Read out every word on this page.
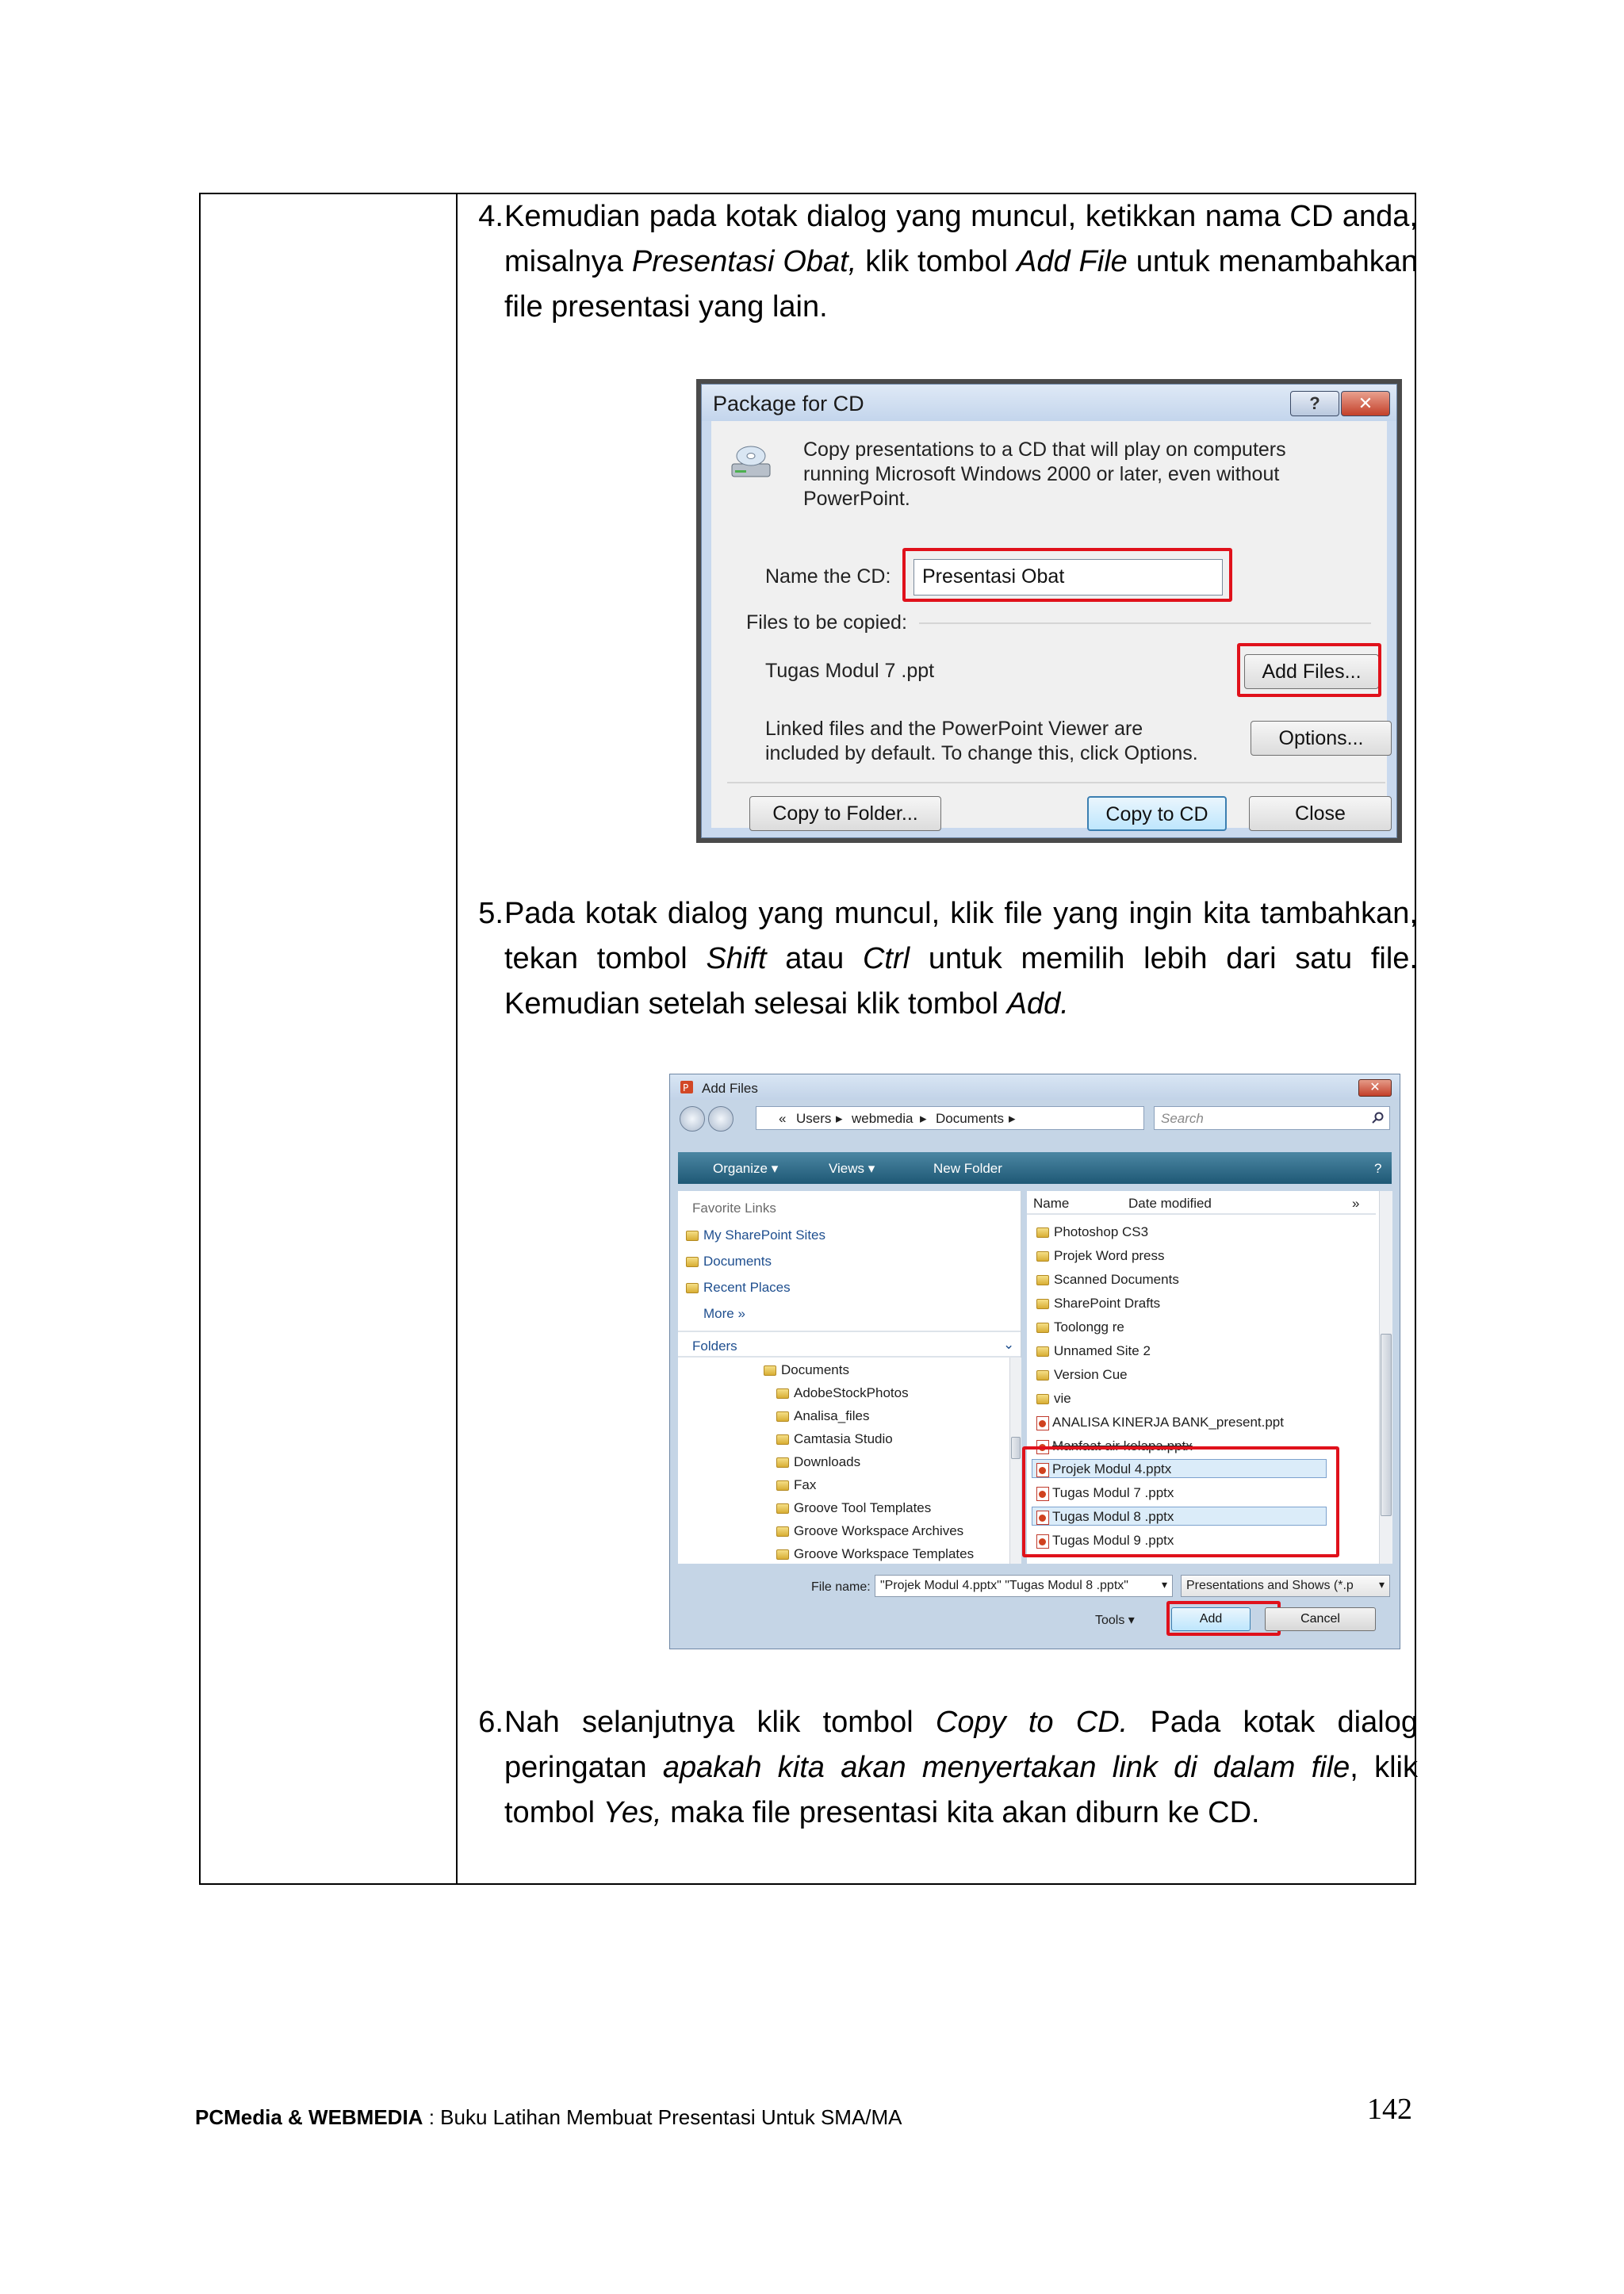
4. Kemudian pada kotak dialog yang muncul, ketikkan nama CD anda, misalnya Presentasi Obat, klik tombol Add File untuk menambahkan file presentasi yang lain.
5. Pada kotak dialog yang muncul, klik file yang ingin kita tambahkan, tekan tombol Shift atau Ctrl untuk memilih lebih dari satu file. Kemudian setelah selesai klik tombol Add.
6. Nah selanjutnya klik tombol Copy to CD. Pada kotak dialog peringatan apakah kita akan menyertakan link di dalam file, klik tombol Yes, maka file presentasi kita akan diburn ke CD.
Package for CD	?	✕
Copy presentations to a CD that will play on computers
running Microsoft Windows 2000 or later, even without
PowerPoint.
Name the CD:	Presentasi Obat
Files to be copied:
Tugas Modul 7 .ppt	Add Files...
Linked files and the PowerPoint Viewer are
included by default. To change this, click Options.
Options...
Copy to Folder...	Copy to CD	Close
P Add Files	✕
« Users ▸ webmedia ▸ Documents ▸	Search
Organize ▾	Views ▾	New Folder	?
Favorite Links
My SharePoint Sites
Documents
Recent Places
More »
Folders	⌄
Documents
AdobeStockPhotos
Analisa_files
Camtasia Studio
Downloads
Fax
Groove Tool Templates
Groove Workspace Archives
Groove Workspace Templates
Name	Date modified	»
Photoshop CS3
Projek Word press
Scanned Documents
SharePoint Drafts
Toolongg re
Unnamed Site 2
Version Cue
vie
ANALISA KINERJA BANK_present.ppt
Manfaat air kelapa.pptx
Projek Modul 4.pptx
Tugas Modul 7 .pptx
Tugas Modul 8 .pptx
Tugas Modul 9 .pptx
File name: "Projek Modul 4.pptx" "Tugas Modul 8 .pptx"	▾ Presentations and Shows (*.p ▾
Tools ▾	Add	Cancel
PCMedia & WEBMEDIA : Buku Latihan Membuat Presentasi Untuk SMA/MA	142
